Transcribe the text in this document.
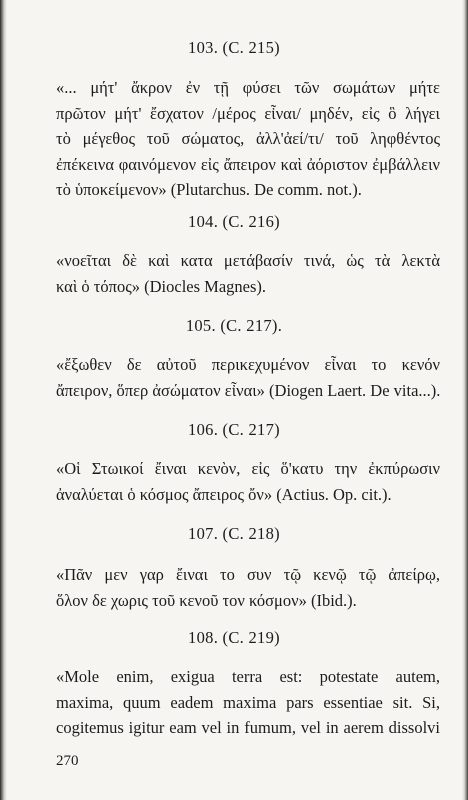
103. (C. 215)
«... μήτ' ἄκρον ἐν τῇ φύσει τῶν σωμάτων μήτε
πρῶτον μήτ' ἔσχατον /μέρος εἶναι/ μηδέν, εἰς ὃ λήγει
τὸ μέγεθος τοῦ σώματος, ἀλλ'ἀεί/τι/ τοῦ ληφθέντος
ἐπέκεινα φαινόμενον εἰς ἄπειρον καὶ ἀόριστον ἐμβάλλειν
τὸ ὑποκείμενον» (Plutarchus. De comm. not.).
104. (C. 216)
«νοεῖται δὲ καὶ κατα μετάβασίν τινά, ὡς τὰ λεκτὰ
καὶ ὁ τόπος» (Diocles Magnes).
105. (C. 217).
«ἔξωθεν δε αὐτοῦ περικεχυμένον εἶναι το κενόν
ἄπειρον, ὅπερ ἀσώματον εἶναι» (Diogen Laert. De vita...).
106. (C. 217)
«Οἱ Στωικοί ἔιναι κενὸν, εἰς ὅ'κατυ την ἐκπύρωσιν
ἀναλύεται ὁ κόσμος ἄπειρος ὄν» (Actius. Op. cit.).
107. (C. 218)
«Πᾶν μεν γαρ ἔιναι το συν τῷ κενῷ τῷ ἀπείρῳ,
ὅλον δε χωρις τοῦ κενοῦ τον κόσμον» (Ibid.).
108. (C. 219)
«Mole enim, exigua terra est: potestate autem,
maxima, quum eadem maxima pars essentiae sit. Si,
cogitemus igitur eam vel in fumum, vel in aerem dissolvi
270
